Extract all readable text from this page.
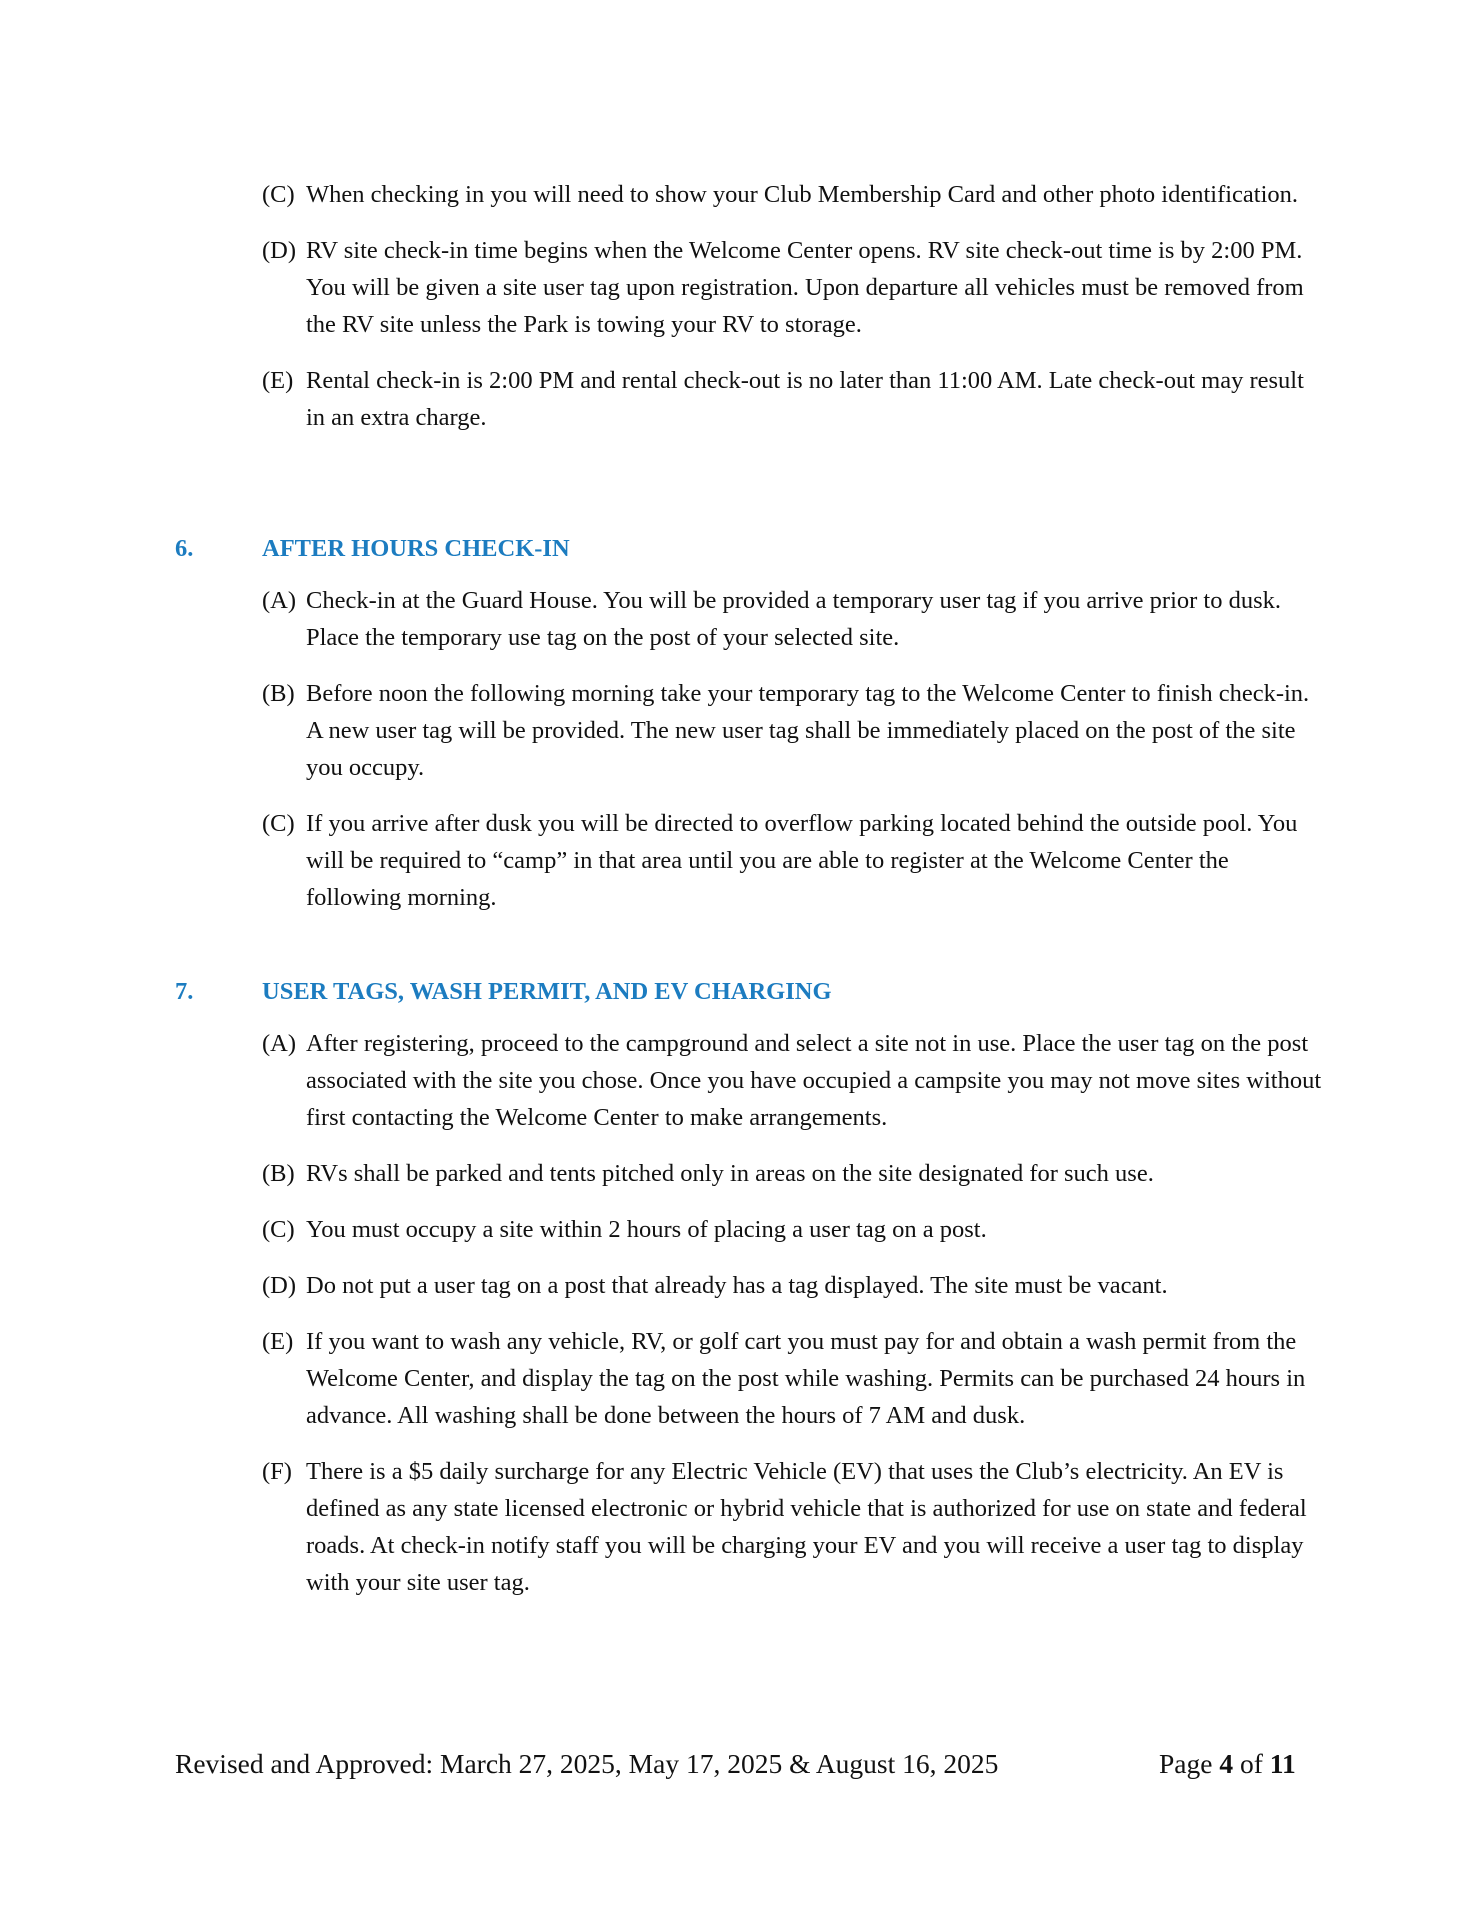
(C) When checking in you will need to show your Club Membership Card and other photo identification.

(D) RV site check-in time begins when the Welcome Center opens. RV site check-out time is by 2:00 PM. You will be given a site user tag upon registration. Upon departure all vehicles must be removed from the RV site unless the Park is towing your RV to storage.

(E) Rental check-in is 2:00 PM and rental check-out is no later than 11:00 AM. Late check-out may result in an extra charge.

6.	AFTER HOURS CHECK-IN

(A) Check-in at the Guard House. You will be provided a temporary user tag if you arrive prior to dusk. Place the temporary use tag on the post of your selected site.

(B) Before noon the following morning take your temporary tag to the Welcome Center to finish check-in. A new user tag will be provided. The new user tag shall be immediately placed on the post of the site you occupy.

(C) If you arrive after dusk you will be directed to overflow parking located behind the outside pool. You will be required to “camp” in that area until you are able to register at the Welcome Center the following morning.

7.	USER TAGS, WASH PERMIT, AND EV CHARGING

(A) After registering, proceed to the campground and select a site not in use. Place the user tag on the post associated with the site you chose. Once you have occupied a campsite you may not move sites without first contacting the Welcome Center to make arrangements.

(B) RVs shall be parked and tents pitched only in areas on the site designated for such use.

(C) You must occupy a site within 2 hours of placing a user tag on a post.

(D) Do not put a user tag on a post that already has a tag displayed. The site must be vacant.

(E) If you want to wash any vehicle, RV, or golf cart you must pay for and obtain a wash permit from the Welcome Center, and display the tag on the post while washing. Permits can be purchased 24 hours in advance. All washing shall be done between the hours of 7 AM and dusk.

(F) There is a $5 daily surcharge for any Electric Vehicle (EV) that uses the Club’s electricity. An EV is defined as any state licensed electronic or hybrid vehicle that is authorized for use on state and federal roads. At check-in notify staff you will be charging your EV and you will receive a user tag to display with your site user tag.

Revised and Approved: March 27, 2025, May 17, 2025 & August 16, 2025	Page 4 of 11
